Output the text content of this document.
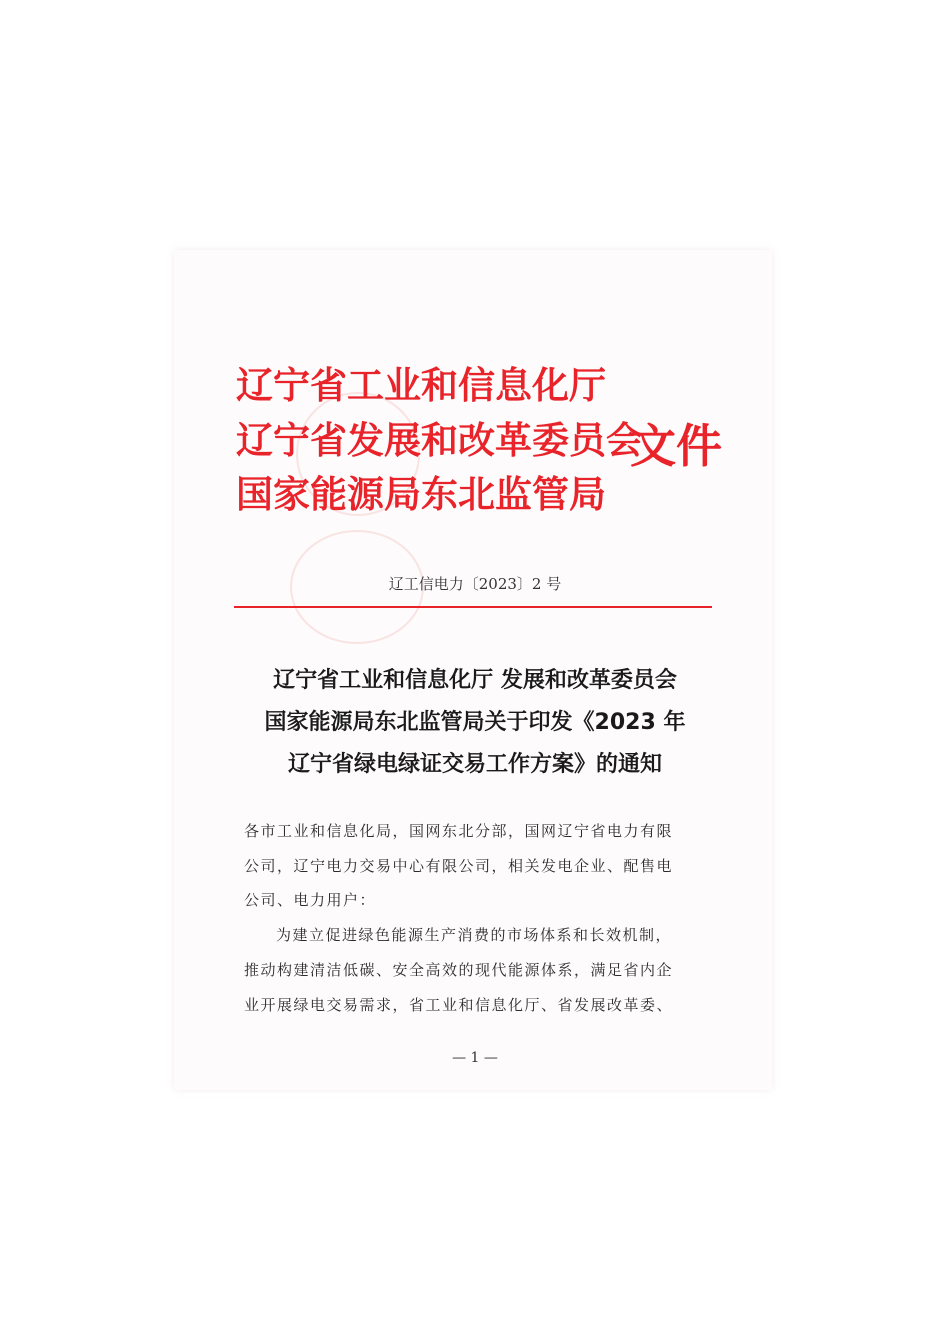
辽宁省工业和信息化厅
辽宁省发展和改革委员会
国家能源局东北监管局
文件
辽工信电力〔2023〕2 号
辽宁省工业和信息化厅 发展和改革委员会
国家能源局东北监管局关于印发《2023 年
辽宁省绿电绿证交易工作方案》的通知
各市工业和信息化局，国网东北分部，国网辽宁省电力有限
公司，辽宁电力交易中心有限公司，相关发电企业、配售电
公司、电力用户：
为建立促进绿色能源生产消费的市场体系和长效机制，
推动构建清洁低碳、安全高效的现代能源体系，满足省内企
业开展绿电交易需求，省工业和信息化厅、省发展改革委、
— 1 —
